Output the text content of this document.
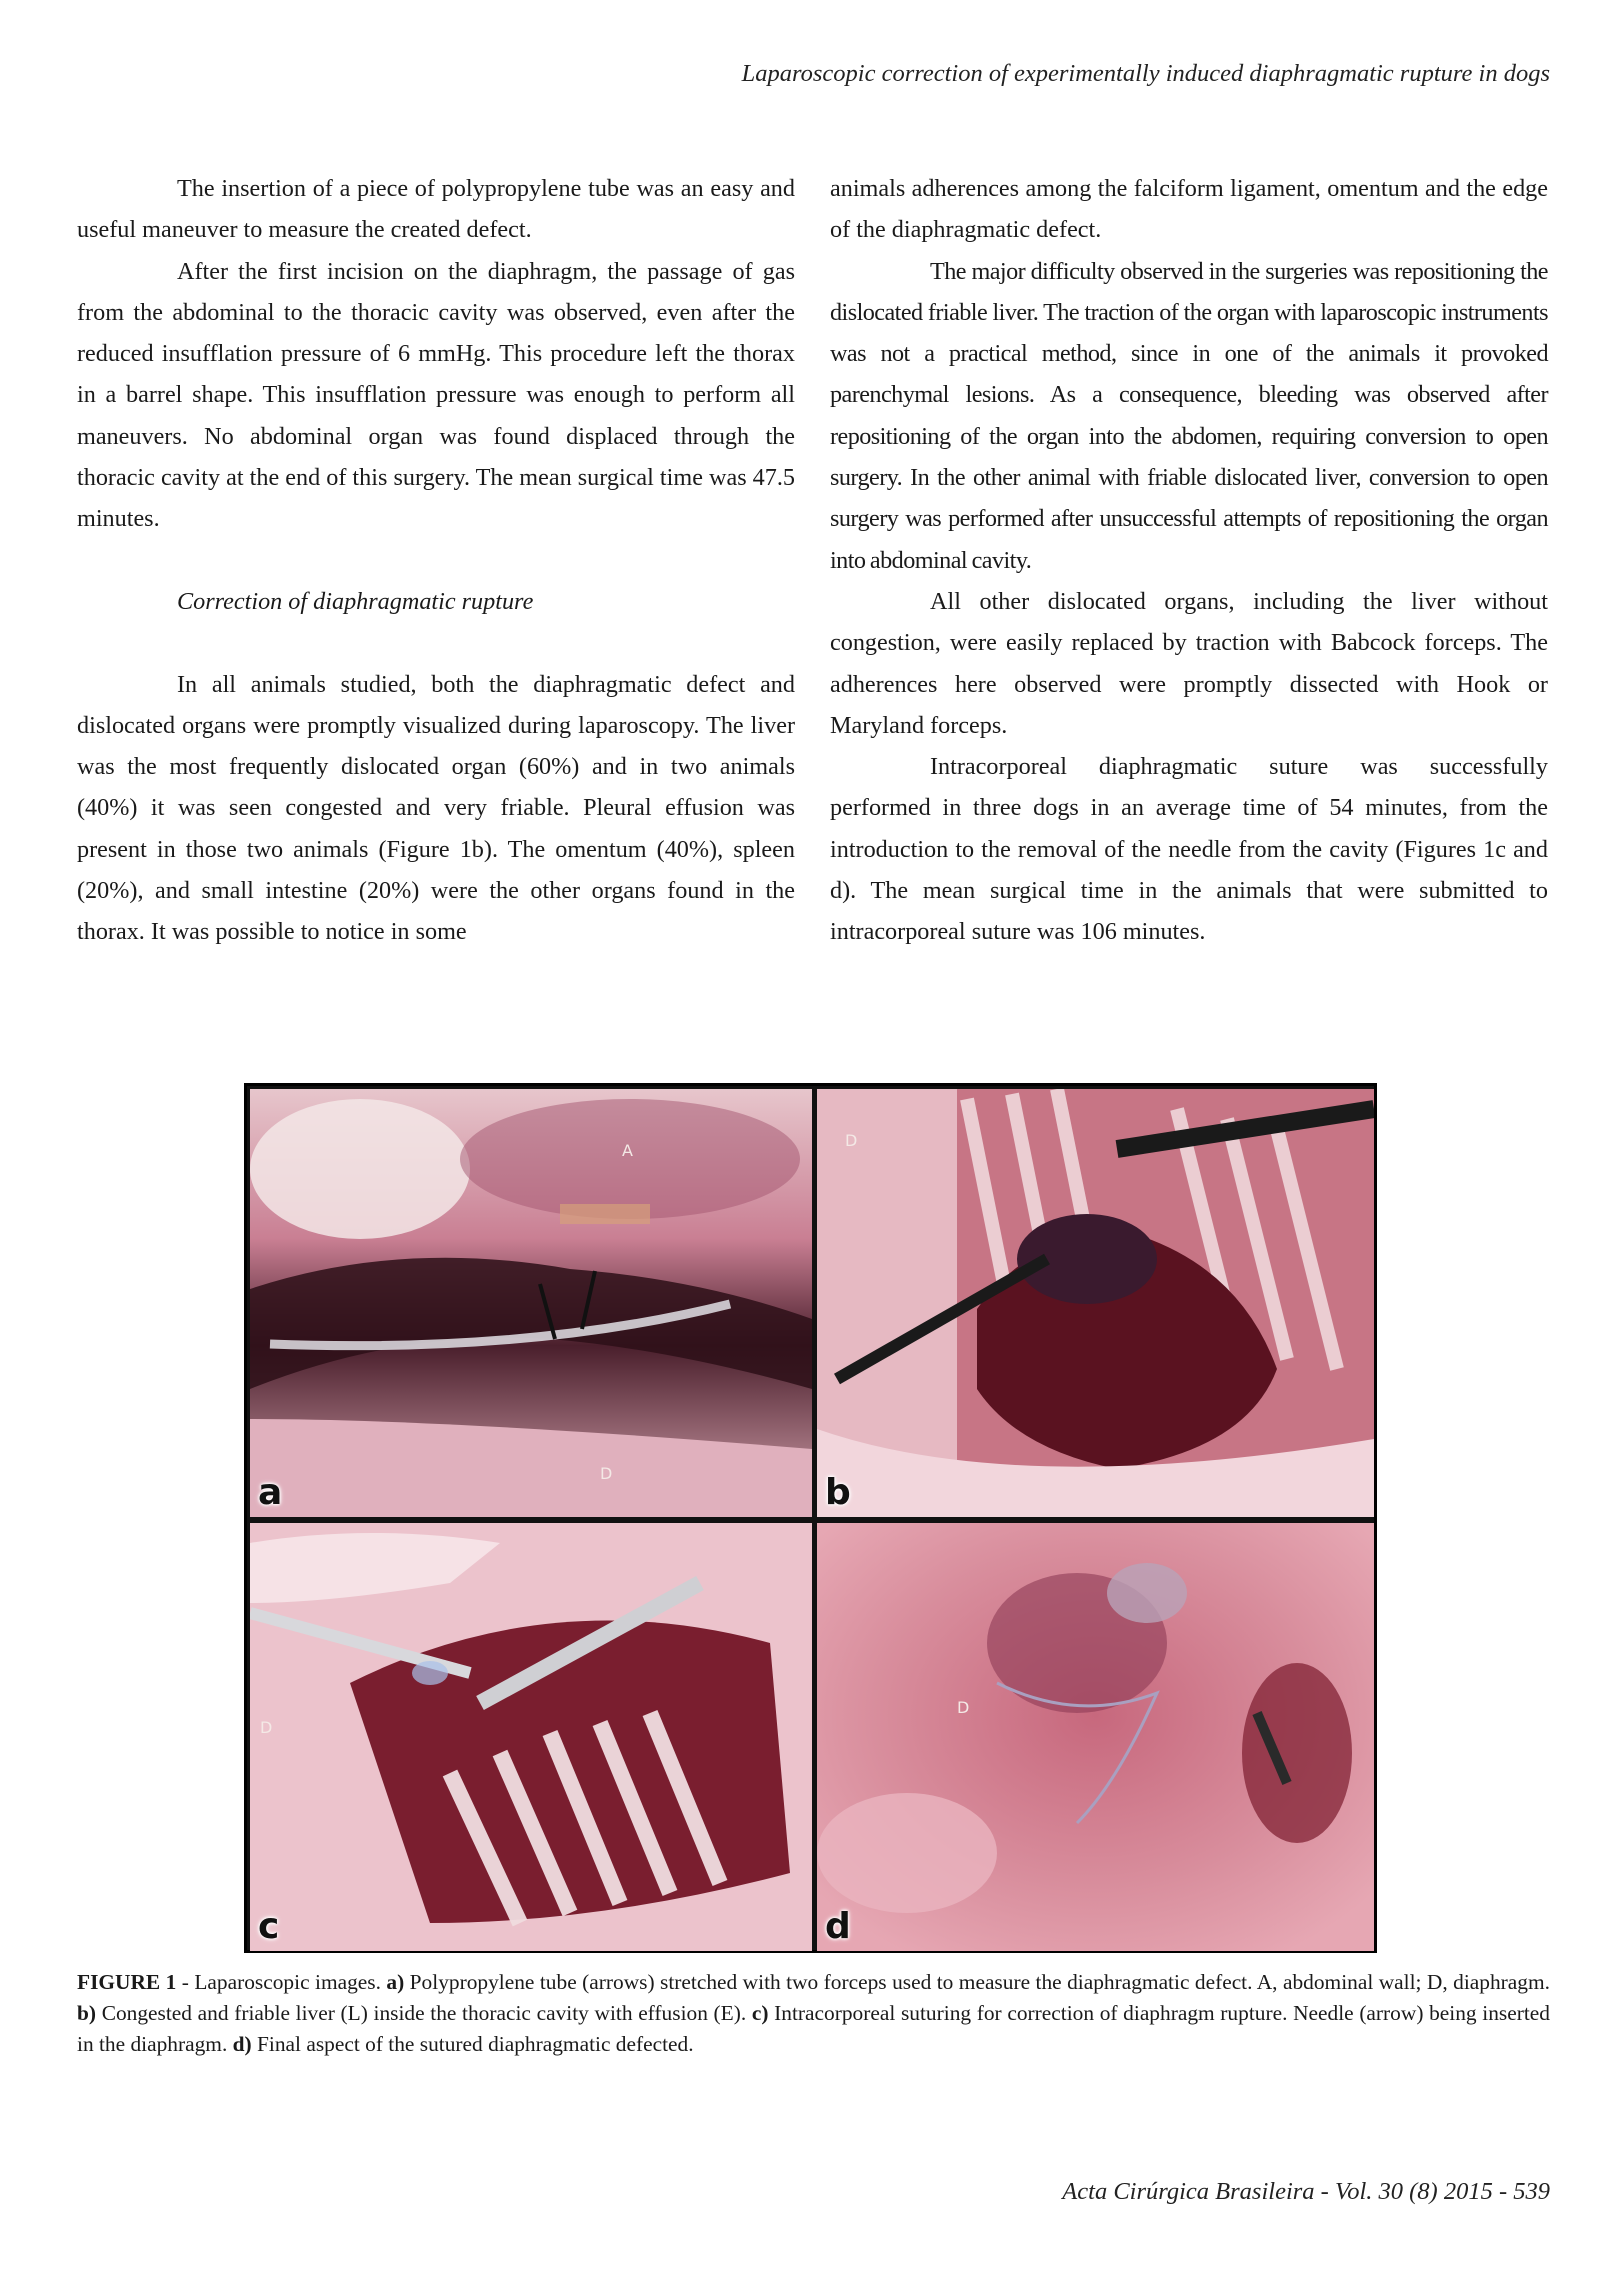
Laparoscopic correction of experimentally induced diaphragmatic rupture in dogs

The insertion of a piece of polypropylene tube was an easy and useful maneuver to measure the created defect.

After the first incision on the diaphragm, the passage of gas from the abdominal to the thoracic cavity was observed, even after the reduced insufflation pressure of 6 mmHg. This procedure left the thorax in a barrel shape. This insufflation pressure was enough to perform all maneuvers. No abdominal organ was found displaced through the thoracic cavity at the end of this surgery. The mean surgical time was 47.5 minutes.

Correction of diaphragmatic rupture

In all animals studied, both the diaphragmatic defect and dislocated organs were promptly visualized during laparoscopy. The liver was the most frequently dislocated organ (60%) and in two animals (40%) it was seen congested and very friable. Pleural effusion was present in those two animals (Figure 1b). The omentum (40%), spleen (20%), and small intestine (20%) were the other organs found in the thorax. It was possible to notice in some

animals adherences among the falciform ligament, omentum and the edge of the diaphragmatic defect.

The major difficulty observed in the surgeries was repositioning the dislocated friable liver. The traction of the organ with laparoscopic instruments was not a practical method, since in one of the animals it provoked parenchymal lesions. As a consequence, bleeding was observed after repositioning of the organ into the abdomen, requiring conversion to open surgery. In the other animal with friable dislocated liver, conversion to open surgery was performed after unsuccessful attempts of repositioning the organ into abdominal cavity.

All other dislocated organs, including the liver without congestion, were easily replaced by traction with Babcock forceps. The adherences here observed were promptly dissected with Hook or Maryland forceps.

Intracorporeal diaphragmatic suture was successfully performed in three dogs in an average time of 54 minutes, from the introduction to the removal of the needle from the cavity (Figures 1c and d). The mean surgical time in the animals that were submitted to intracorporeal suture was 106 minutes.

A
D
a
D
b
D
c
D
d
FIGURE 1 - Laparoscopic images. a) Polypropylene tube (arrows) stretched with two forceps used to measure the diaphragmatic defect. A, abdominal wall; D, diaphragm. b) Congested and friable liver (L) inside the thoracic cavity with effusion (E). c) Intracorporeal suturing for correction of diaphragm rupture. Needle (arrow) being inserted in the diaphragm. d) Final aspect of the sutured diaphragmatic defected.
Acta Cirúrgica Brasileira - Vol. 30 (8) 2015 - 539
